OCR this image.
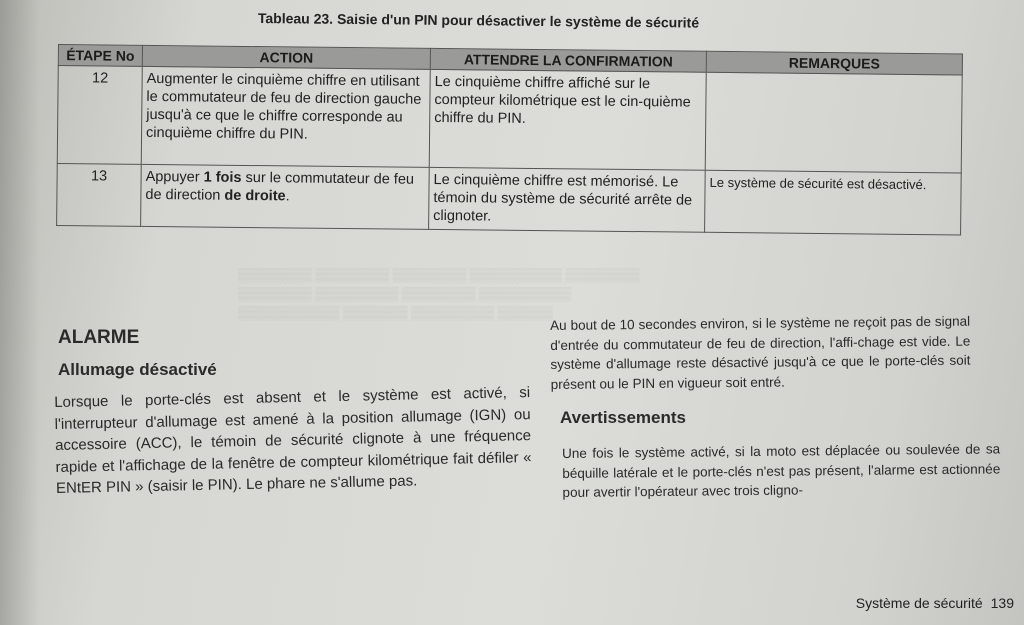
Tableau 23. Saisie d'un PIN pour désactiver le système de sécurité
ÉTAPE No	ACTION	ATTENDRE LA CONFIRMATION	REMARQUES
12	Augmenter le cinquième chiffre en utilisant le commutateur de feu de direction gauche jusqu'à ce que le chiffre corresponde au cinquième chiffre du PIN.	Le cinquième chiffre affiché sur le compteur kilométrique est le cin-quième chiffre du PIN.	
13	Appuyer 1 fois sur le commutateur de feu de direction de droite.	Le cinquième chiffre est mémorisé. Le témoin du système de sécurité arrête de clignoter.	Le système de sécurité est désactivé.
▒▒▒▒▒▒▒▒ ▒▒▒▒▒▒▒▒ ▒▒▒▒▒▒▒▒ ▒▒▒▒▒▒▒▒▒▒ ▒▒▒▒▒▒▒▒
▒▒▒▒▒▒▒▒ ▒▒▒▒▒▒▒▒▒ ▒▒▒▒▒▒▒▒ ▒▒▒▒▒▒▒▒▒▒
▒▒▒▒▒▒▒▒▒▒▒ ▒▒▒▒▒▒▒ ▒▒▒▒▒▒▒▒▒ ▒▒▒▒▒▒
ALARME
Allumage désactivé
Lorsque le porte-clés est absent et le système est activé, si l'interrupteur d'allumage est amené à la position allumage (IGN) ou accessoire (ACC), le témoin de sécurité clignote à une fréquence rapide et l'affichage de la fenêtre de compteur kilométrique fait défiler « ENtER PIN » (saisir le PIN). Le phare ne s'allume pas.
Au bout de 10 secondes environ, si le système ne reçoit pas de signal d'entrée du commutateur de feu de direction, l'affi-chage est vide. Le système d'allumage reste désactivé jusqu'à ce que le porte-clés soit présent ou le PIN en vigueur soit entré.
Avertissements
Une fois le système activé, si la moto est déplacée ou soulevée de sa béquille latérale et le porte-clés n'est pas présent, l'alarme est actionnée pour avertir l'opérateur avec trois cligno-
Système de sécurité 139
